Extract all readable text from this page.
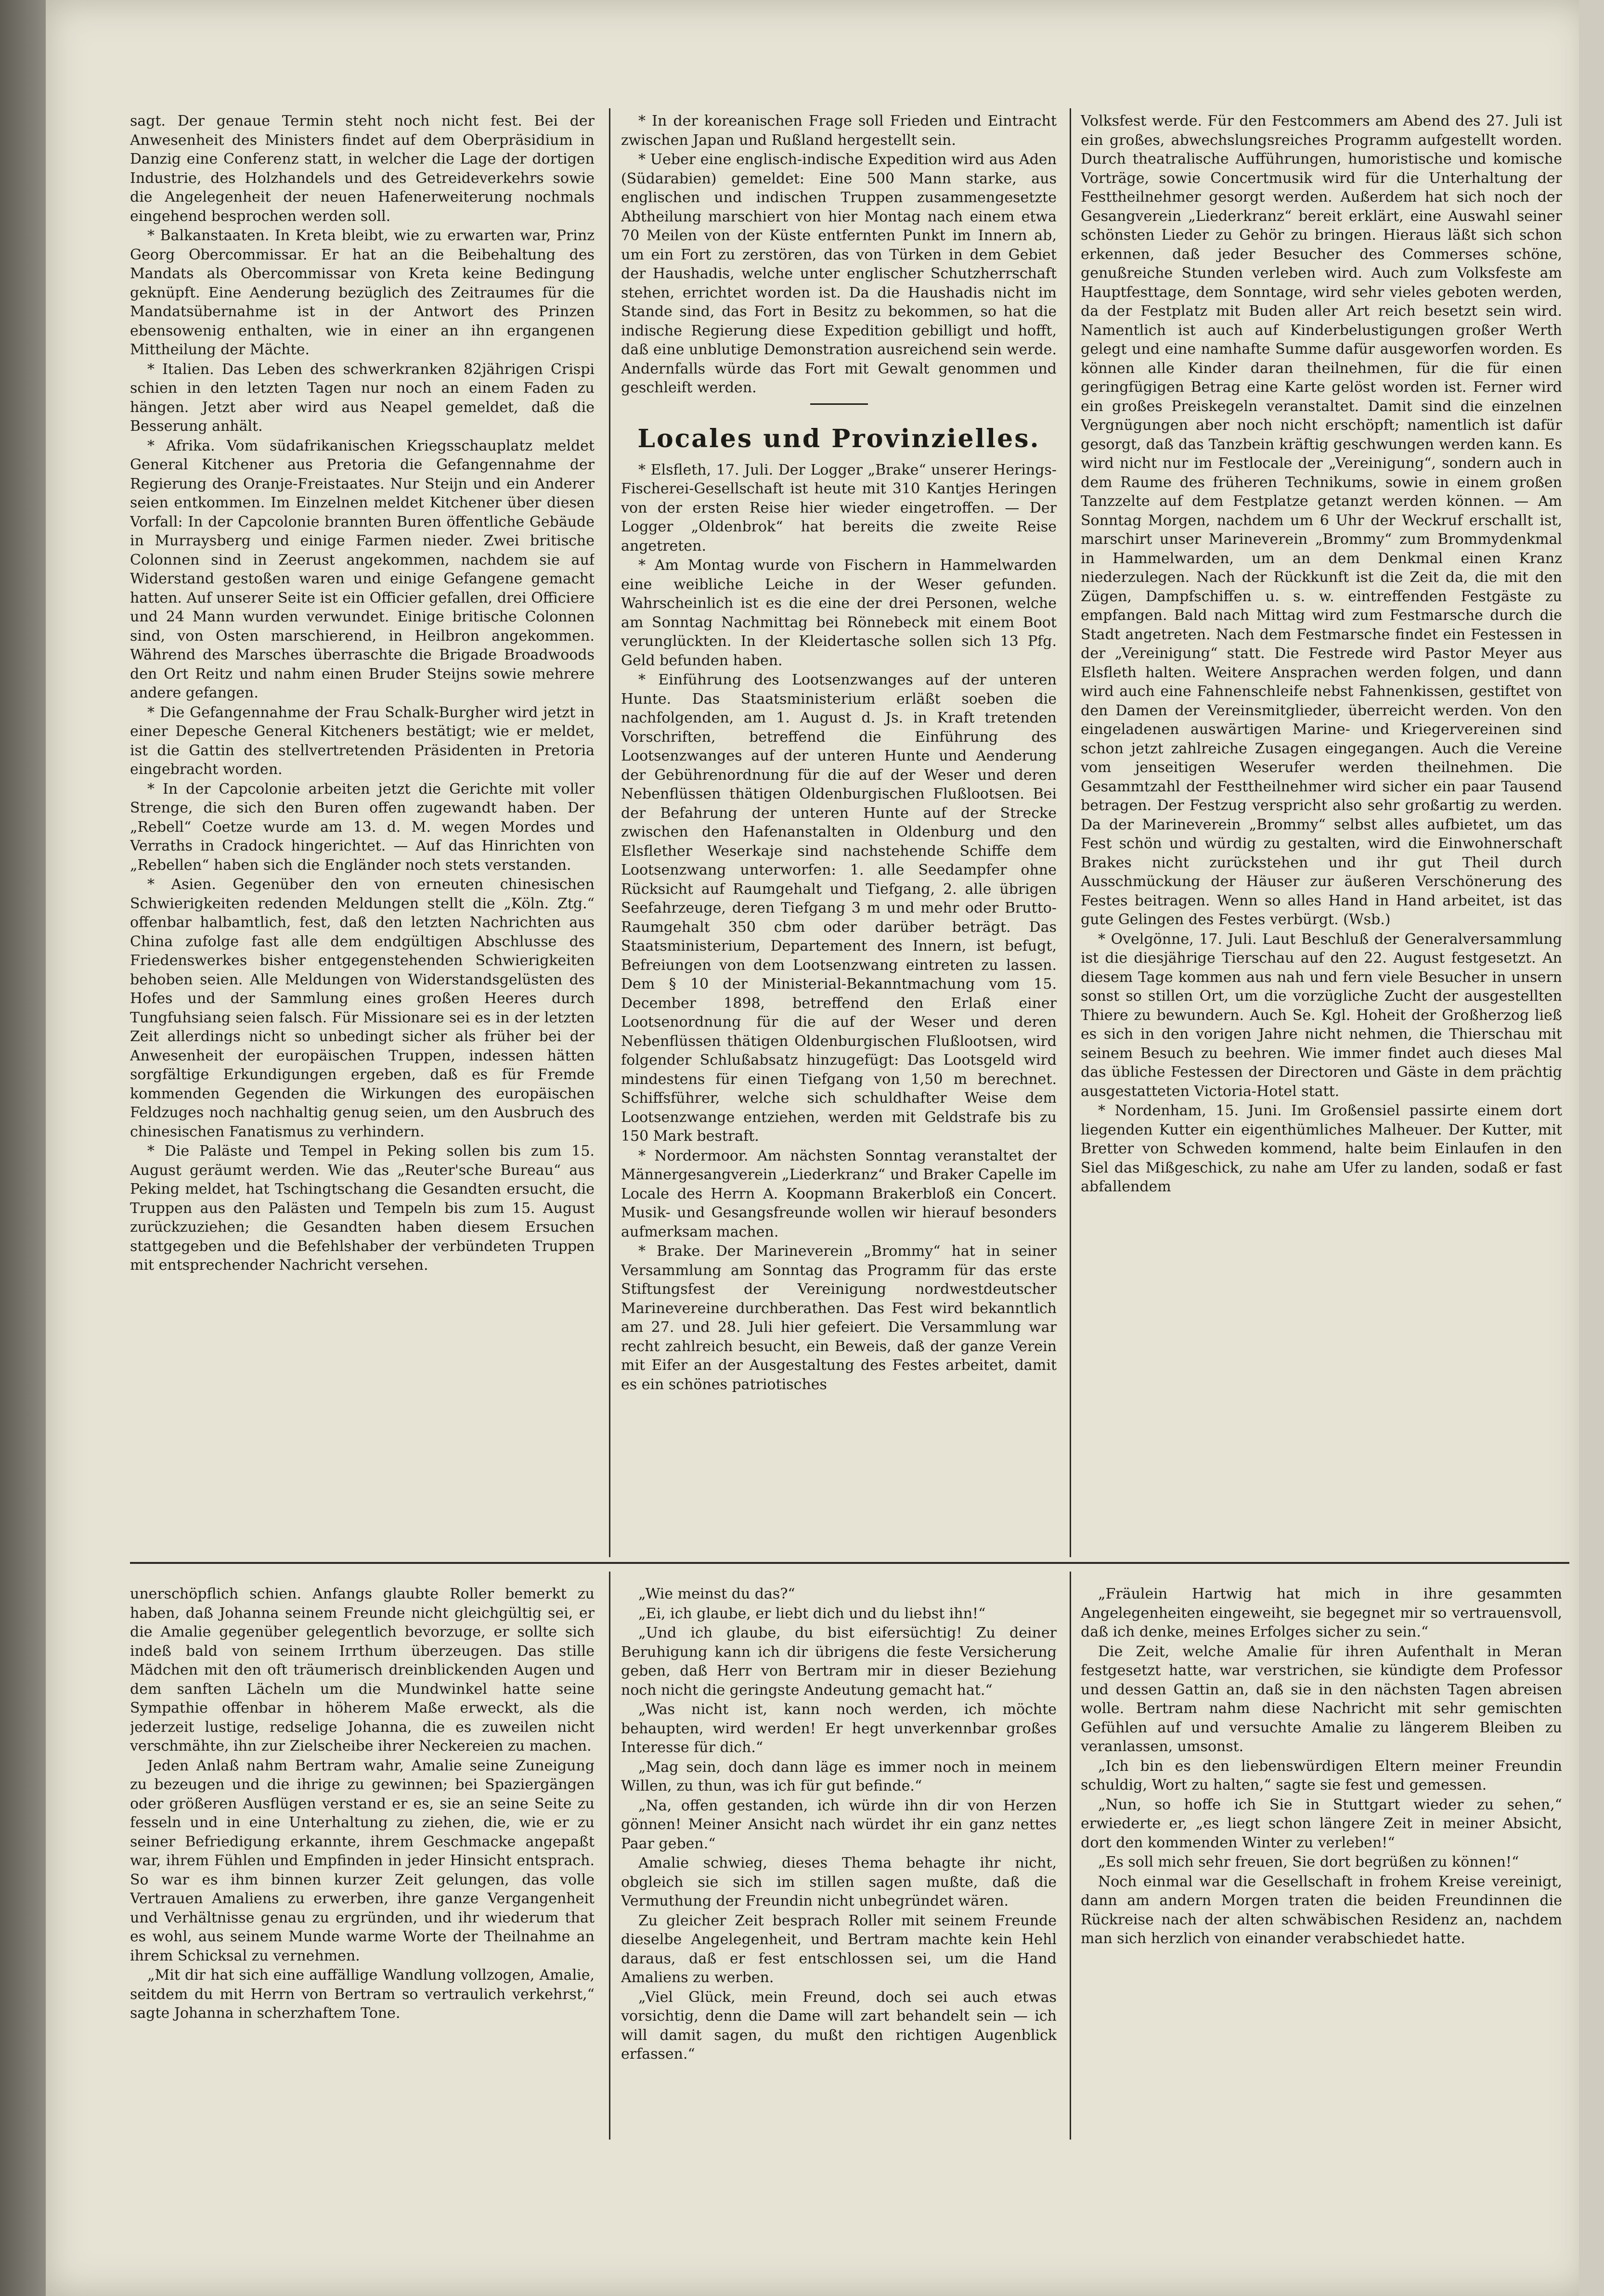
sagt. Der genaue Termin steht noch nicht fest. Bei der Anwesenheit des Ministers findet auf dem Oberpräsidium in Danzig eine Conferenz statt, in welcher die Lage der dortigen Industrie, des Holzhandels und des Getreideverkehrs sowie die Angelegenheit der neuen Hafenerweiterung nochmals eingehend besprochen werden soll.

* Balkanstaaten. In Kreta bleibt, wie zu erwarten war, Prinz Georg Obercommissar. Er hat an die Beibehaltung des Mandats als Obercommissar von Kreta keine Bedingung geknüpft. Eine Aenderung bezüglich des Zeitraumes für die Mandatsübernahme ist in der Antwort des Prinzen ebensowenig enthalten, wie in einer an ihn ergangenen Mittheilung der Mächte.

* Italien. Das Leben des schwerkranken 82jährigen Crispi schien in den letzten Tagen nur noch an einem Faden zu hängen. Jetzt aber wird aus Neapel gemeldet, daß die Besserung anhält.

* Afrika. Vom südafrikanischen Kriegsschauplatz meldet General Kitchener aus Pretoria die Gefangennahme der Regierung des Oranje-Freistaates. Nur Steijn und ein Anderer seien entkommen. Im Einzelnen meldet Kitchener über diesen Vorfall: In der Capcolonie brannten Buren öffentliche Gebäude in Murraysberg und einige Farmen nieder. Zwei britische Colonnen sind in Zeerust angekommen, nachdem sie auf Widerstand gestoßen waren und einige Gefangene gemacht hatten. Auf unserer Seite ist ein Officier gefallen, drei Officiere und 24 Mann wurden verwundet. Einige britische Colonnen sind, von Osten marschierend, in Heilbron angekommen. Während des Marsches überraschte die Brigade Broadwoods den Ort Reitz und nahm einen Bruder Steijns sowie mehrere andere gefangen.

* Die Gefangennahme der Frau Schalk-Burgher wird jetzt in einer Depesche General Kitcheners bestätigt; wie er meldet, ist die Gattin des stellvertretenden Präsidenten in Pretoria eingebracht worden.

* In der Capcolonie arbeiten jetzt die Gerichte mit voller Strenge, die sich den Buren offen zugewandt haben. Der „Rebell“ Coetze wurde am 13. d. M. wegen Mordes und Verraths in Cradock hingerichtet. — Auf das Hinrichten von „Rebellen“ haben sich die Engländer noch stets verstanden.

* Asien. Gegenüber den von erneuten chinesischen Schwierigkeiten redenden Meldungen stellt die „Köln. Ztg.“ offenbar halbamtlich, fest, daß den letzten Nachrichten aus China zufolge fast alle dem endgültigen Abschlusse des Friedenswerkes bisher entgegenstehenden Schwierigkeiten behoben seien. Alle Meldungen von Widerstandsgelüsten des Hofes und der Sammlung eines großen Heeres durch Tungfuhsiang seien falsch. Für Missionare sei es in der letzten Zeit allerdings nicht so unbedingt sicher als früher bei der Anwesenheit der europäischen Truppen, indessen hätten sorgfältige Erkundigungen ergeben, daß es für Fremde kommenden Gegenden die Wirkungen des europäischen Feldzuges noch nachhaltig genug seien, um den Ausbruch des chinesischen Fanatismus zu verhindern.

* Die Paläste und Tempel in Peking sollen bis zum 15. August geräumt werden. Wie das „Reuter'sche Bureau“ aus Peking meldet, hat Tschingtschang die Gesandten ersucht, die Truppen aus den Palästen und Tempeln bis zum 15. August zurückzuziehen; die Gesandten haben diesem Ersuchen stattgegeben und die Befehlshaber der verbündeten Truppen mit entsprechender Nachricht versehen.

* In der koreanischen Frage soll Frieden und Eintracht zwischen Japan und Rußland hergestellt sein.

* Ueber eine englisch-indische Expedition wird aus Aden (Südarabien) gemeldet: Eine 500 Mann starke, aus englischen und indischen Truppen zusammengesetzte Abtheilung marschiert von hier Montag nach einem etwa 70 Meilen von der Küste entfernten Punkt im Innern ab, um ein Fort zu zerstören, das von Türken in dem Gebiet der Haushadis, welche unter englischer Schutzherrschaft stehen, errichtet worden ist. Da die Haushadis nicht im Stande sind, das Fort in Besitz zu bekommen, so hat die indische Regierung diese Expedition gebilligt und hofft, daß eine unblutige Demonstration ausreichend sein werde. Andernfalls würde das Fort mit Gewalt genommen und geschleift werden.

Locales und Provinzielles.

* Elsfleth, 17. Juli. Der Logger „Brake“ unserer Herings-Fischerei-Gesellschaft ist heute mit 310 Kantjes Heringen von der ersten Reise hier wieder eingetroffen. — Der Logger „Oldenbrok“ hat bereits die zweite Reise angetreten.

* Am Montag wurde von Fischern in Hammelwarden eine weibliche Leiche in der Weser gefunden. Wahrscheinlich ist es die eine der drei Personen, welche am Sonntag Nachmittag bei Rönnebeck mit einem Boot verunglückten. In der Kleidertasche sollen sich 13 Pfg. Geld befunden haben.

* Einführung des Lootsenzwanges auf der unteren Hunte. Das Staatsministerium erläßt soeben die nachfolgenden, am 1. August d. Js. in Kraft tretenden Vorschriften, betreffend die Einführung des Lootsenzwanges auf der unteren Hunte und Aenderung der Gebührenordnung für die auf der Weser und deren Nebenflüssen thätigen Oldenburgischen Flußlootsen. Bei der Befahrung der unteren Hunte auf der Strecke zwischen den Hafenanstalten in Oldenburg und den Elsflether Weserkaje sind nachstehende Schiffe dem Lootsenzwang unterworfen: 1. alle Seedampfer ohne Rücksicht auf Raumgehalt und Tiefgang, 2. alle übrigen Seefahrzeuge, deren Tiefgang 3 m und mehr oder Brutto-Raumgehalt 350 cbm oder darüber beträgt. Das Staatsministerium, Departement des Innern, ist befugt, Befreiungen von dem Lootsenzwang eintreten zu lassen. Dem § 10 der Ministerial-Bekanntmachung vom 15. December 1898, betreffend den Erlaß einer Lootsenordnung für die auf der Weser und deren Nebenflüssen thätigen Oldenburgischen Flußlootsen, wird folgender Schlußabsatz hinzugefügt: Das Lootsgeld wird mindestens für einen Tiefgang von 1,50 m berechnet. Schiffsführer, welche sich schuldhafter Weise dem Lootsenzwange entziehen, werden mit Geldstrafe bis zu 150 Mark bestraft.

* Nordermoor. Am nächsten Sonntag veranstaltet der Männergesangverein „Liederkranz“ und Braker Capelle im Locale des Herrn A. Koopmann Brakerbloß ein Concert. Musik- und Gesangsfreunde wollen wir hierauf besonders aufmerksam machen.

* Brake. Der Marineverein „Brommy“ hat in seiner Versammlung am Sonntag das Programm für das erste Stiftungsfest der Vereinigung nordwestdeutscher Marinevereine durchberathen. Das Fest wird bekanntlich am 27. und 28. Juli hier gefeiert. Die Versammlung war recht zahlreich besucht, ein Beweis, daß der ganze Verein mit Eifer an der Ausgestaltung des Festes arbeitet, damit es ein schönes patriotisches

Volksfest werde. Für den Festcommers am Abend des 27. Juli ist ein großes, abwechslungsreiches Programm aufgestellt worden. Durch theatralische Aufführungen, humoristische und komische Vorträge, sowie Concertmusik wird für die Unterhaltung der Festtheilnehmer gesorgt werden. Außerdem hat sich noch der Gesangverein „Liederkranz“ bereit erklärt, eine Auswahl seiner schönsten Lieder zu Gehör zu bringen. Hieraus läßt sich schon erkennen, daß jeder Besucher des Commerses schöne, genußreiche Stunden verleben wird. Auch zum Volksfeste am Hauptfesttage, dem Sonntage, wird sehr vieles geboten werden, da der Festplatz mit Buden aller Art reich besetzt sein wird. Namentlich ist auch auf Kinderbelustigungen großer Werth gelegt und eine namhafte Summe dafür ausgeworfen worden. Es können alle Kinder daran theilnehmen, für die für einen geringfügigen Betrag eine Karte gelöst worden ist. Ferner wird ein großes Preiskegeln veranstaltet. Damit sind die einzelnen Vergnügungen aber noch nicht erschöpft; namentlich ist dafür gesorgt, daß das Tanzbein kräftig geschwungen werden kann. Es wird nicht nur im Festlocale der „Vereinigung“, sondern auch in dem Raume des früheren Technikums, sowie in einem großen Tanzzelte auf dem Festplatze getanzt werden können. — Am Sonntag Morgen, nachdem um 6 Uhr der Weckruf erschallt ist, marschirt unser Marineverein „Brommy“ zum Brommydenkmal in Hammelwarden, um an dem Denkmal einen Kranz niederzulegen. Nach der Rückkunft ist die Zeit da, die mit den Zügen, Dampfschiffen u. s. w. eintreffenden Festgäste zu empfangen. Bald nach Mittag wird zum Festmarsche durch die Stadt angetreten. Nach dem Festmarsche findet ein Festessen in der „Vereinigung“ statt. Die Festrede wird Pastor Meyer aus Elsfleth halten. Weitere Ansprachen werden folgen, und dann wird auch eine Fahnenschleife nebst Fahnenkissen, gestiftet von den Damen der Vereinsmitglieder, überreicht werden. Von den eingeladenen auswärtigen Marine- und Kriegervereinen sind schon jetzt zahlreiche Zusagen eingegangen. Auch die Vereine vom jenseitigen Weserufer werden theilnehmen. Die Gesammtzahl der Festtheilnehmer wird sicher ein paar Tausend betragen. Der Festzug verspricht also sehr großartig zu werden. Da der Marineverein „Brommy“ selbst alles aufbietet, um das Fest schön und würdig zu gestalten, wird die Einwohnerschaft Brakes nicht zurückstehen und ihr gut Theil durch Ausschmückung der Häuser zur äußeren Verschönerung des Festes beitragen. Wenn so alles Hand in Hand arbeitet, ist das gute Gelingen des Festes verbürgt. (Wsb.)

* Ovelgönne, 17. Juli. Laut Beschluß der Generalversammlung ist die diesjährige Tierschau auf den 22. August festgesetzt. An diesem Tage kommen aus nah und fern viele Besucher in unsern sonst so stillen Ort, um die vorzügliche Zucht der ausgestellten Thiere zu bewundern. Auch Se. Kgl. Hoheit der Großherzog ließ es sich in den vorigen Jahre nicht nehmen, die Thierschau mit seinem Besuch zu beehren. Wie immer findet auch dieses Mal das übliche Festessen der Directoren und Gäste in dem prächtig ausgestatteten Victoria-Hotel statt.

* Nordenham, 15. Juni. Im Großensiel passirte einem dort liegenden Kutter ein eigenthümliches Malheuer. Der Kutter, mit Bretter von Schweden kommend, halte beim Einlaufen in den Siel das Mißgeschick, zu nahe am Ufer zu landen, sodaß er fast abfallendem

unerschöpflich schien. Anfangs glaubte Roller bemerkt zu haben, daß Johanna seinem Freunde nicht gleichgültig sei, er die Amalie gegenüber gelegentlich bevorzuge, er sollte sich indeß bald von seinem Irrthum überzeugen. Das stille Mädchen mit den oft träumerisch dreinblickenden Augen und dem sanften Lächeln um die Mundwinkel hatte seine Sympathie offenbar in höherem Maße erweckt, als die jederzeit lustige, redselige Johanna, die es zuweilen nicht verschmähte, ihn zur Zielscheibe ihrer Neckereien zu machen.

Jeden Anlaß nahm Bertram wahr, Amalie seine Zuneigung zu bezeugen und die ihrige zu gewinnen; bei Spaziergängen oder größeren Ausflügen verstand er es, sie an seine Seite zu fesseln und in eine Unterhaltung zu ziehen, die, wie er zu seiner Befriedigung erkannte, ihrem Geschmacke angepaßt war, ihrem Fühlen und Empfinden in jeder Hinsicht entsprach. So war es ihm binnen kurzer Zeit gelungen, das volle Vertrauen Amaliens zu erwerben, ihre ganze Vergangenheit und Verhältnisse genau zu ergründen, und ihr wiederum that es wohl, aus seinem Munde warme Worte der Theilnahme an ihrem Schicksal zu vernehmen.

„Mit dir hat sich eine auffällige Wandlung vollzogen, Amalie, seitdem du mit Herrn von Bertram so vertraulich verkehrst,“ sagte Johanna in scherzhaftem Tone.

„Wie meinst du das?“

„Ei, ich glaube, er liebt dich und du liebst ihn!“

„Und ich glaube, du bist eifersüchtig! Zu deiner Beruhigung kann ich dir übrigens die feste Versicherung geben, daß Herr von Bertram mir in dieser Beziehung noch nicht die geringste Andeutung gemacht hat.“

„Was nicht ist, kann noch werden, ich möchte behaupten, wird werden! Er hegt unverkennbar großes Interesse für dich.“

„Mag sein, doch dann läge es immer noch in meinem Willen, zu thun, was ich für gut befinde.“

„Na, offen gestanden, ich würde ihn dir von Herzen gönnen! Meiner Ansicht nach würdet ihr ein ganz nettes Paar geben.“

Amalie schwieg, dieses Thema behagte ihr nicht, obgleich sie sich im stillen sagen mußte, daß die Vermuthung der Freundin nicht unbegründet wären.

Zu gleicher Zeit besprach Roller mit seinem Freunde dieselbe Angelegenheit, und Bertram machte kein Hehl daraus, daß er fest entschlossen sei, um die Hand Amaliens zu werben.

„Viel Glück, mein Freund, doch sei auch etwas vorsichtig, denn die Dame will zart behandelt sein — ich will damit sagen, du mußt den richtigen Augenblick erfassen.“

„Fräulein Hartwig hat mich in ihre gesammten Angelegenheiten eingeweiht, sie begegnet mir so vertrauensvoll, daß ich denke, meines Erfolges sicher zu sein.“

Die Zeit, welche Amalie für ihren Aufenthalt in Meran festgesetzt hatte, war verstrichen, sie kündigte dem Professor und dessen Gattin an, daß sie in den nächsten Tagen abreisen wolle. Bertram nahm diese Nachricht mit sehr gemischten Gefühlen auf und versuchte Amalie zu längerem Bleiben zu veranlassen, umsonst.

„Ich bin es den liebenswürdigen Eltern meiner Freundin schuldig, Wort zu halten,“ sagte sie fest und gemessen.

„Nun, so hoffe ich Sie in Stuttgart wieder zu sehen,“ erwiederte er, „es liegt schon längere Zeit in meiner Absicht, dort den kommenden Winter zu verleben!“

„Es soll mich sehr freuen, Sie dort begrüßen zu können!“

Noch einmal war die Gesellschaft in frohem Kreise vereinigt, dann am andern Morgen traten die beiden Freundinnen die Rückreise nach der alten schwäbischen Residenz an, nachdem man sich herzlich von einander verabschiedet hatte.
